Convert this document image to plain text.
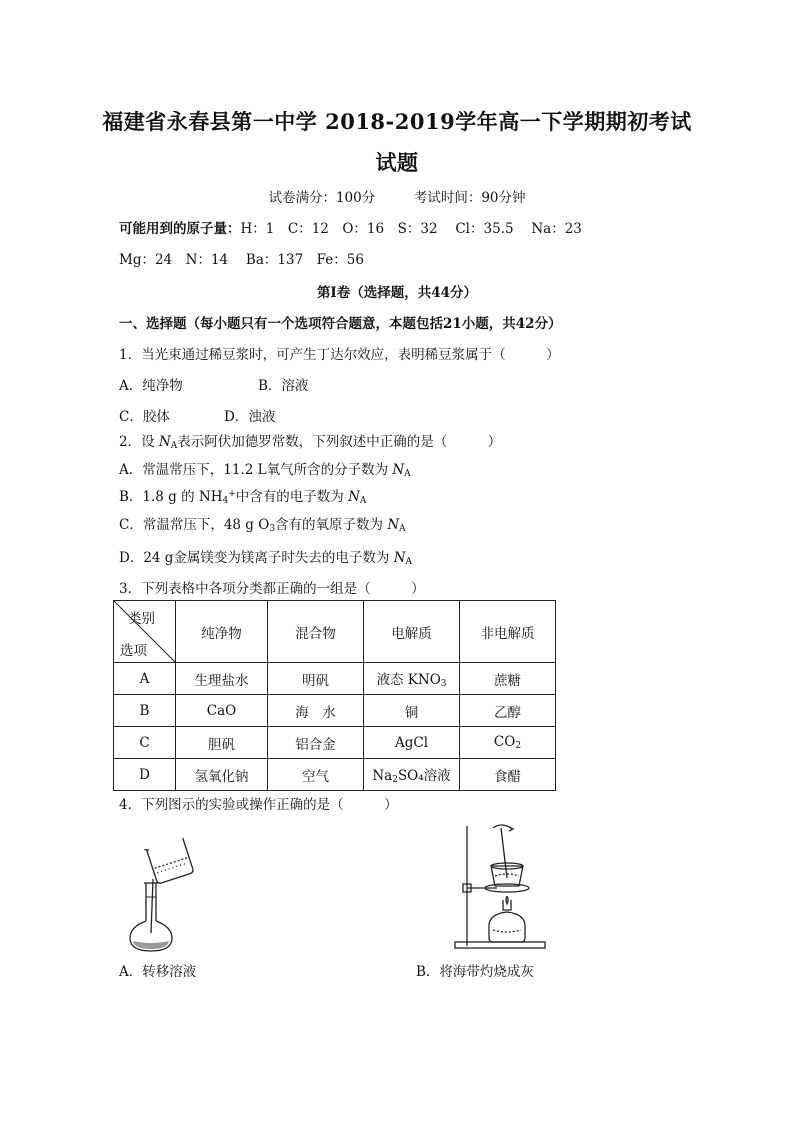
福建省永春县第一中学 2018-2019学年高一下学期期初考试
试题
试卷满分：100分	考试时间：90分钟
可能用到的原子量：H：1　C：12　O：16　S：32　 Cl：35.5　 Na：23
Mg：24　N：14　 Ba：137　Fe：56
第Ⅰ卷（选择题，共44分）
一、选择题（每小题只有一个选项符合题意，本题包括21小题，共42分）
1．当光束通过稀豆浆时，可产生丁达尔效应，表明稀豆浆属于（　　　）
A．纯净物	B．溶液
C．胶体	D．浊液
2．设 $N_A$表示阿伏加德罗常数，下列叙述中正确的是（　　　）
A．常温常压下，11.2 L氧气所含的分子数为 $N_A$
B．1.8 g 的 $NH_4^+$中含有的电子数为 $N_A$
C．常温常压下，48 g $O_3$含有的氧原子数为 $N_A$
D．24 g金属镁变为镁离子时失去的电子数为 $N_A$
3．下列表格中各项分类都正确的一组是（　　　）
类别
选项	纯净物	混合物	电解质	非电解质
A	生理盐水	明矾	液态 $KNO_3$	蔗糖
B	CaO	海　水	铜	乙醇
C	胆矾	铝合金	AgCl	$CO_2$
D	氢氧化钠	空气	$Na_2SO_4$溶液	食醋
4．下列图示的实验或操作正确的是（　　　）
A．转移溶液	B．将海带灼烧成灰
